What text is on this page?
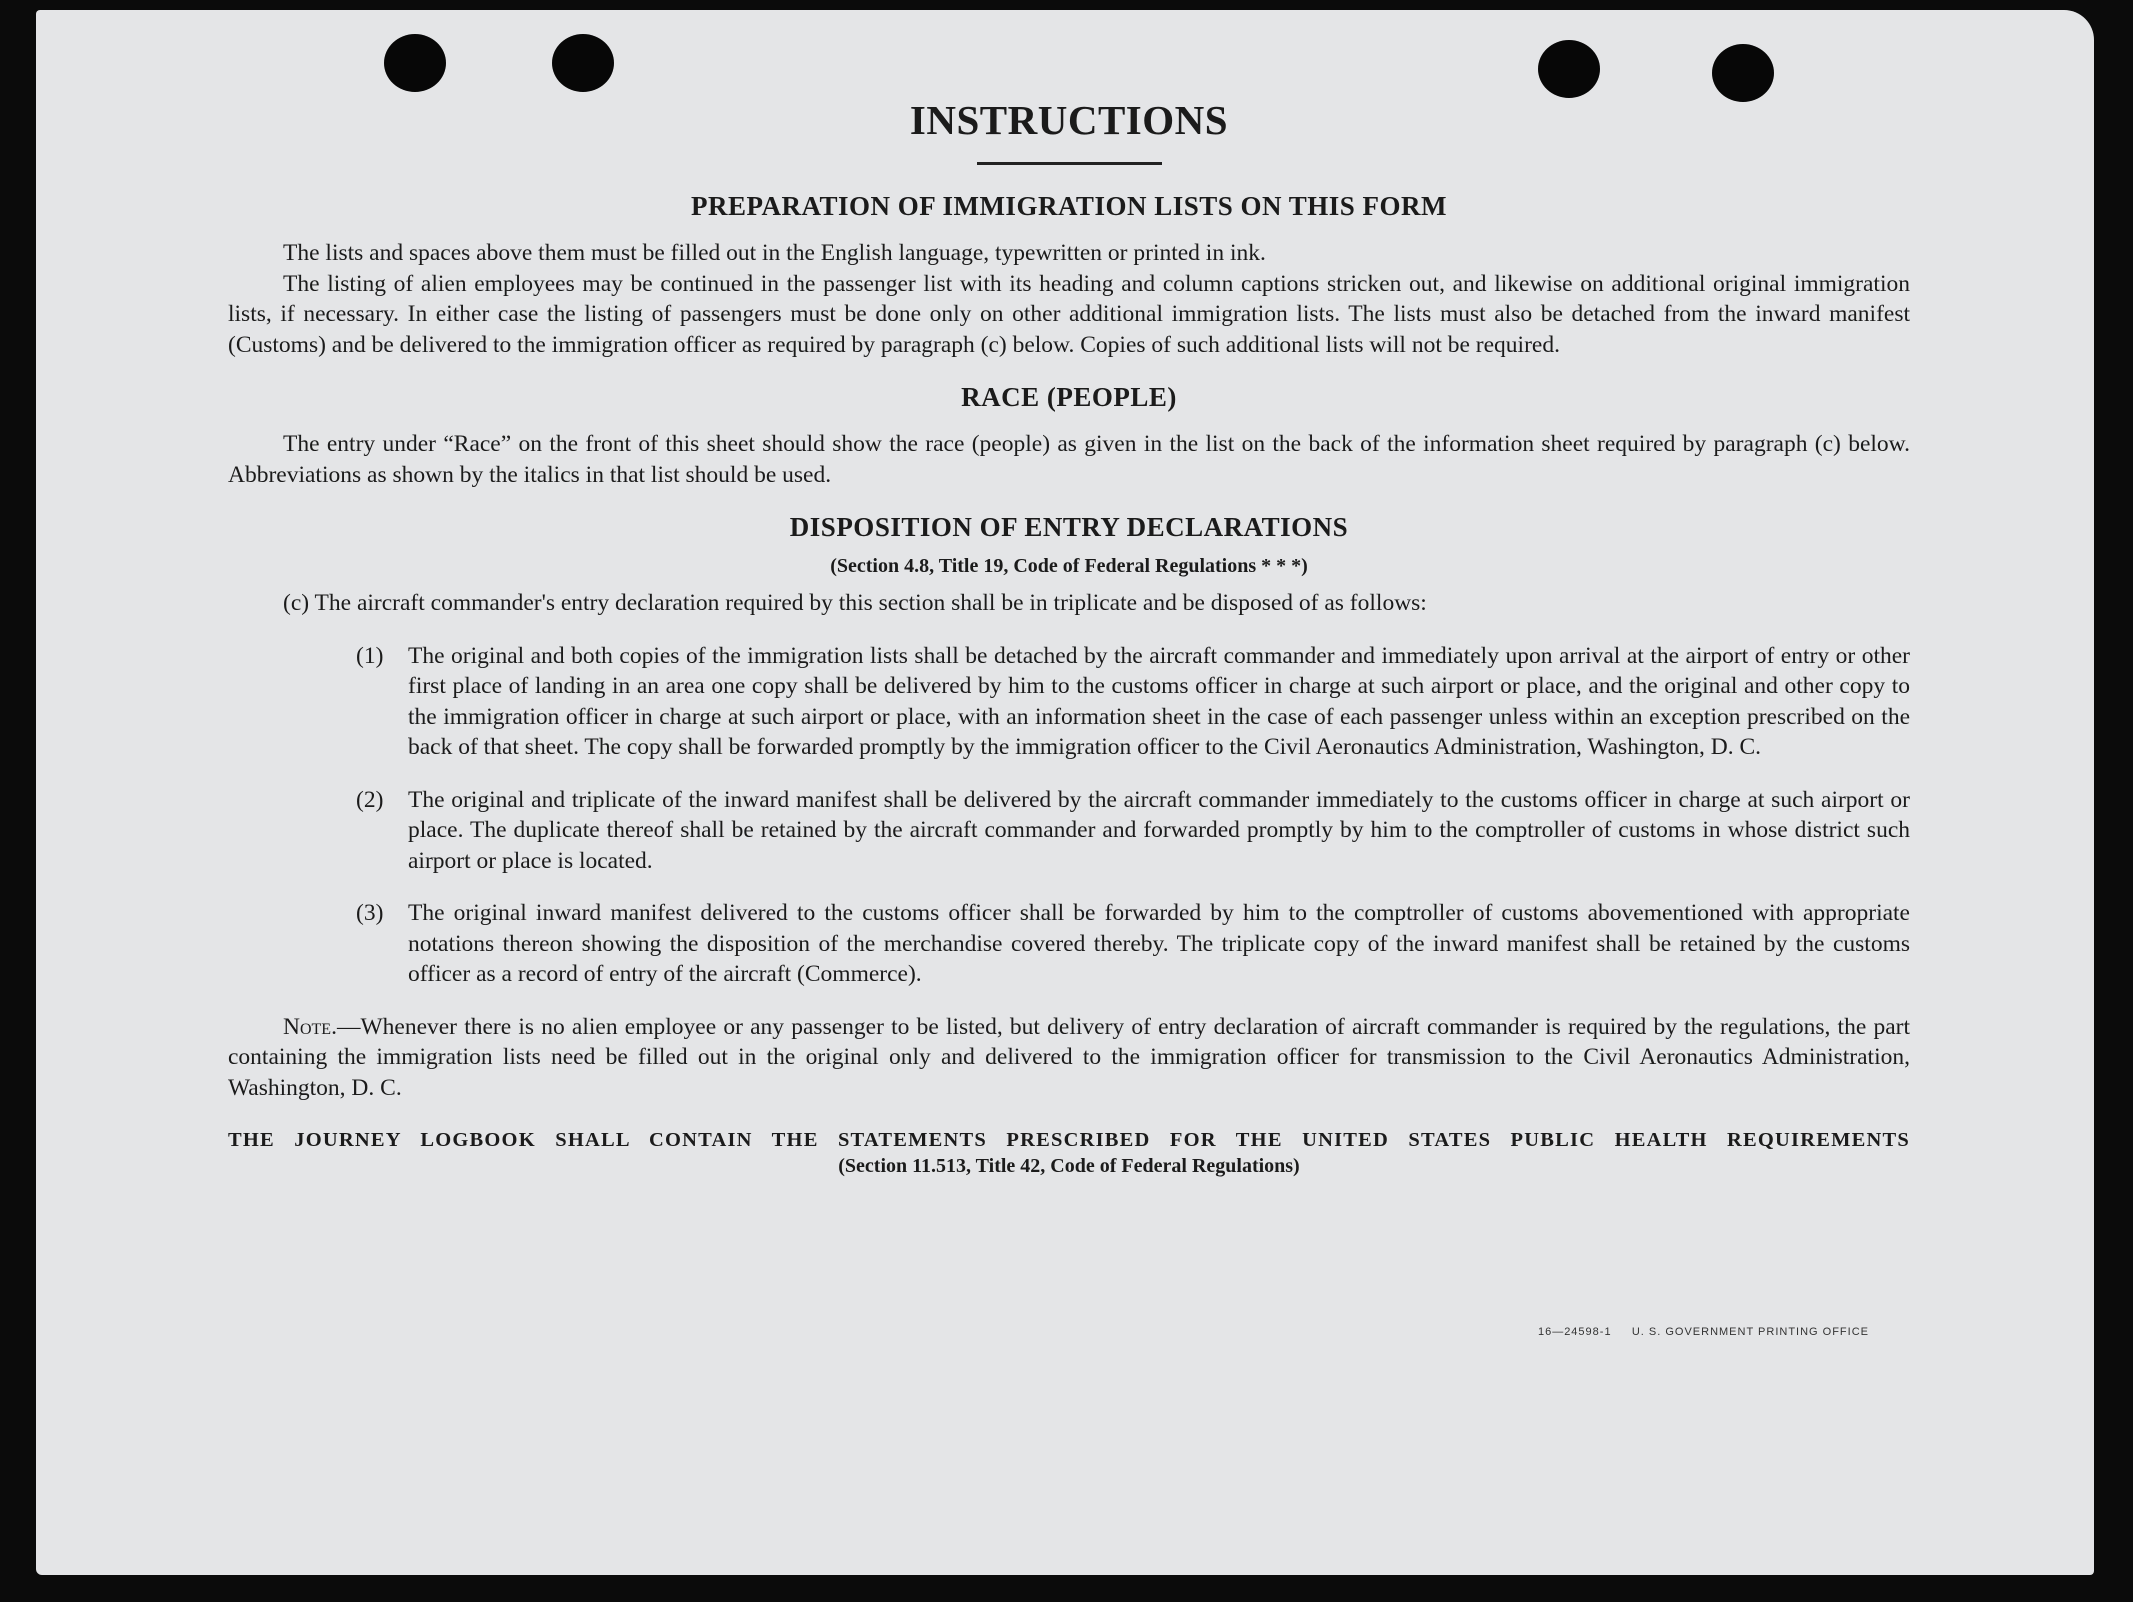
INSTRUCTIONS
PREPARATION OF IMMIGRATION LISTS ON THIS FORM

The lists and spaces above them must be filled out in the English language, typewritten or printed in ink.

The listing of alien employees may be continued in the passenger list with its heading and column captions stricken out, and likewise on additional original immigration lists, if necessary. In either case the listing of passengers must be done only on other additional immigration lists. The lists must also be detached from the inward manifest (Customs) and be delivered to the immigration officer as required by paragraph (c) below. Copies of such additional lists will not be required.

RACE (PEOPLE)

The entry under “Race” on the front of this sheet should show the race (people) as given in the list on the back of the information sheet required by paragraph (c) below. Abbreviations as shown by the italics in that list should be used.

DISPOSITION OF ENTRY DECLARATIONS
(Section 4.8, Title 19, Code of Federal Regulations * * *)

(c) The aircraft commander's entry declaration required by this section shall be in triplicate and be disposed of as follows:

(1) The original and both copies of the immigration lists shall be detached by the aircraft commander and immediately upon arrival at the airport of entry or other first place of landing in an area one copy shall be delivered by him to the customs officer in charge at such airport or place, and the original and other copy to the immigration officer in charge at such airport or place, with an information sheet in the case of each passenger unless within an exception prescribed on the back of that sheet. The copy shall be forwarded promptly by the immigration officer to the Civil Aeronautics Administration, Washington, D. C.

(2) The original and triplicate of the inward manifest shall be delivered by the aircraft commander immediately to the customs officer in charge at such airport or place. The duplicate thereof shall be retained by the aircraft commander and forwarded promptly by him to the comptroller of customs in whose district such airport or place is located.

(3) The original inward manifest delivered to the customs officer shall be forwarded by him to the comptroller of customs abovementioned with appropriate notations thereon showing the disposition of the merchandise covered thereby. The triplicate copy of the inward manifest shall be retained by the customs officer as a record of entry of the aircraft (Commerce).

Note.—Whenever there is no alien employee or any passenger to be listed, but delivery of entry declaration of aircraft commander is required by the regulations, the part containing the immigration lists need be filled out in the original only and delivered to the immigration officer for transmission to the Civil Aeronautics Administration, Washington, D. C.

THE JOURNEY LOGBOOK SHALL CONTAIN THE STATEMENTS PRESCRIBED FOR THE UNITED STATES PUBLIC HEALTH REQUIREMENTS

(Section 11.513, Title 42, Code of Federal Regulations)
16—24598-1 U. S. GOVERNMENT PRINTING OFFICE
